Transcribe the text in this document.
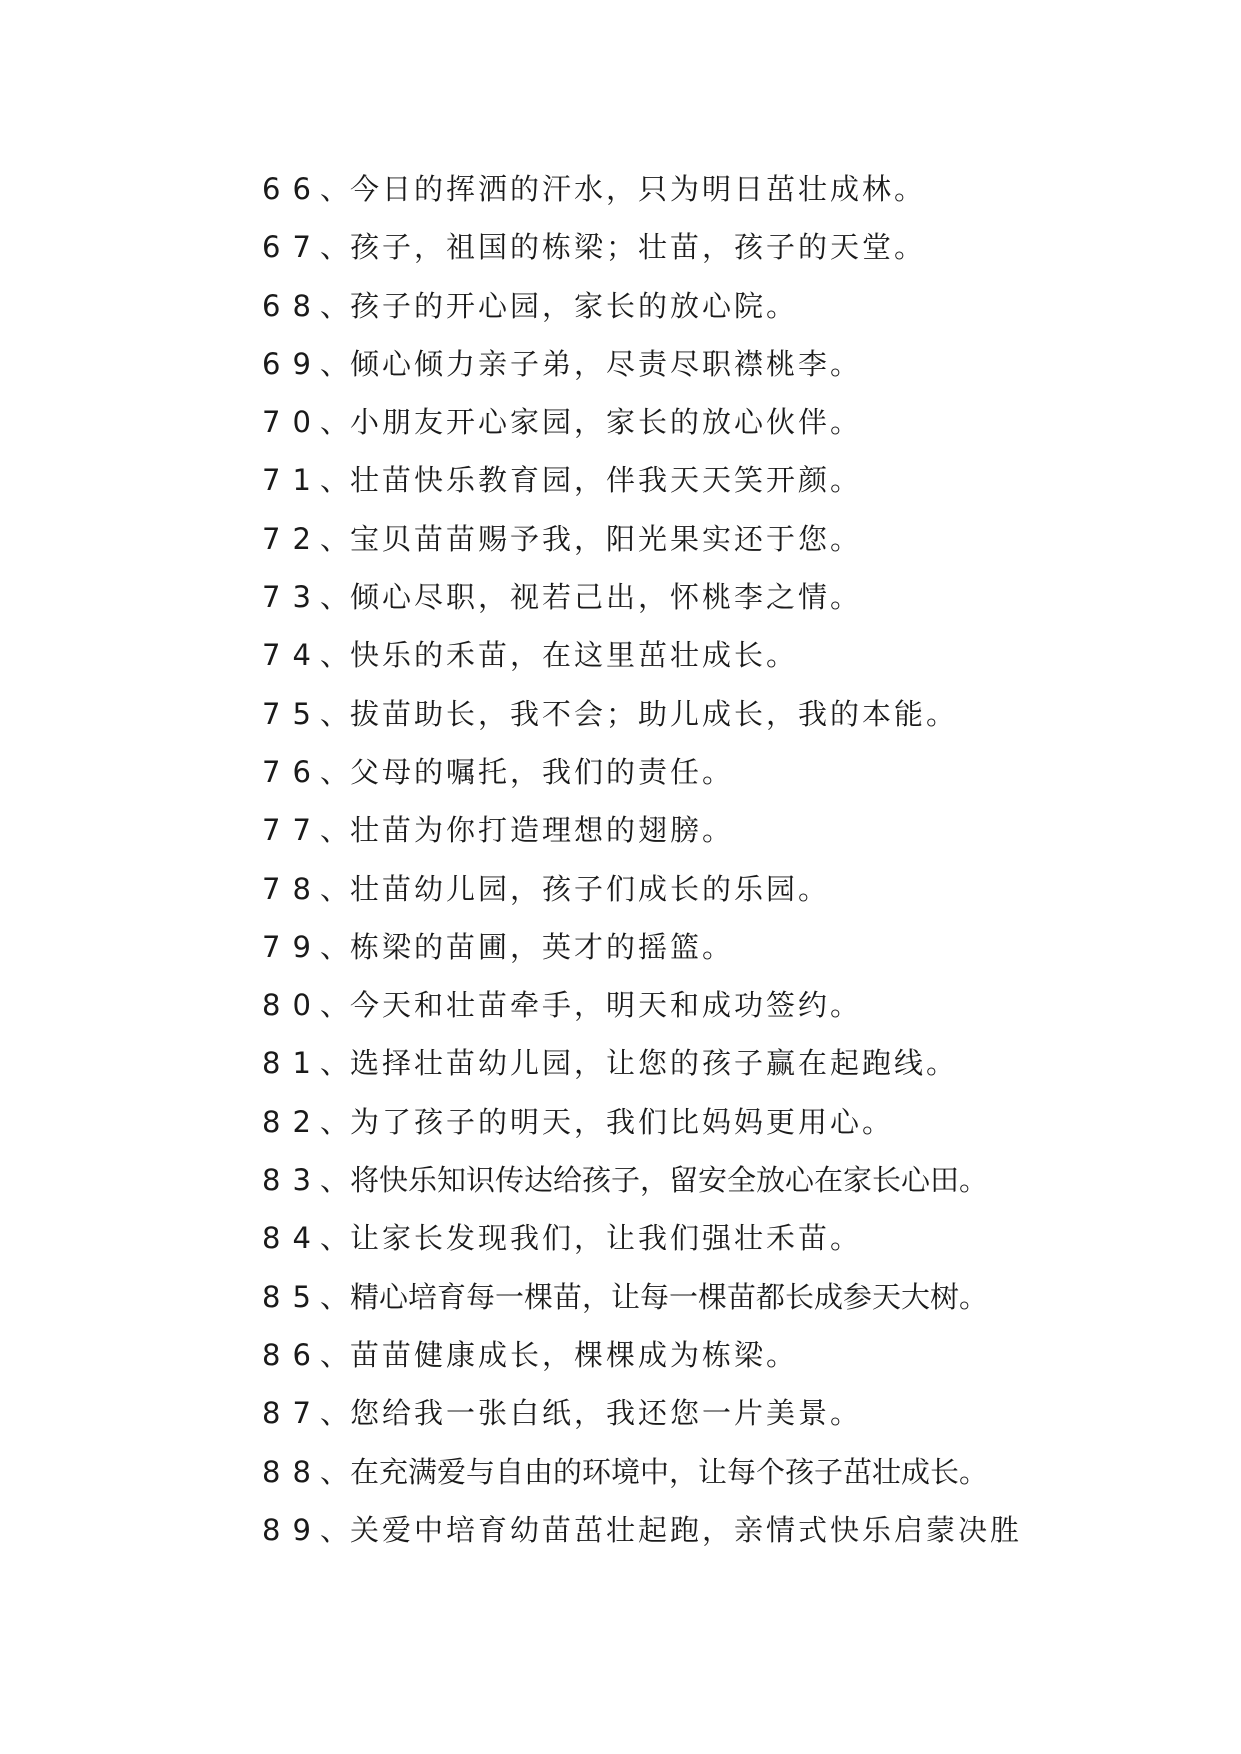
66
、 今日的挥洒的汗水，只为明日茁壮成林。
67
、 孩子，祖国的栋梁；壮苗，孩子的天堂。
68
、 孩子的开心园，家长的放心院。
69
、 倾心倾力亲子弟，尽责尽职襟桃李。
70
、 小朋友开心家园，家长的放心伙伴。
71
、 壮苗快乐教育园，伴我天天笑开颜。
72
、 宝贝苗苗赐予我，阳光果实还于您。
73
、 倾心尽职，视若己出，怀桃李之情。
74
、 快乐的禾苗，在这里茁壮成长。
75
、 拔苗助长，我不会；助儿成长，我的本能。
76
、 父母的嘱托，我们的责任。
77
、 壮苗为你打造理想的翅膀。
78
、 壮苗幼儿园，孩子们成长的乐园。
79
、 栋梁的苗圃，英才的摇篮。
80
、 今天和壮苗牵手，明天和成功签约。
81
、 选择壮苗幼儿园，让您的孩子赢在起跑线。
82
、 为了孩子的明天，我们比妈妈更用心。
83
、 将快乐知识传达给孩子，留安全放心在家长心田。
84
、 让家长发现我们，让我们强壮禾苗。
85
、 精心培育每一棵苗，让每一棵苗都长成参天大树。
86
、 苗苗健康成长，棵棵成为栋梁。
87
、 您给我一张白纸，我还您一片美景。
88
、 在充满爱与自由的环境中，让每个孩子茁壮成长。
89
、 关爱中培育幼苗茁壮起跑，亲情式快乐启蒙决胜
